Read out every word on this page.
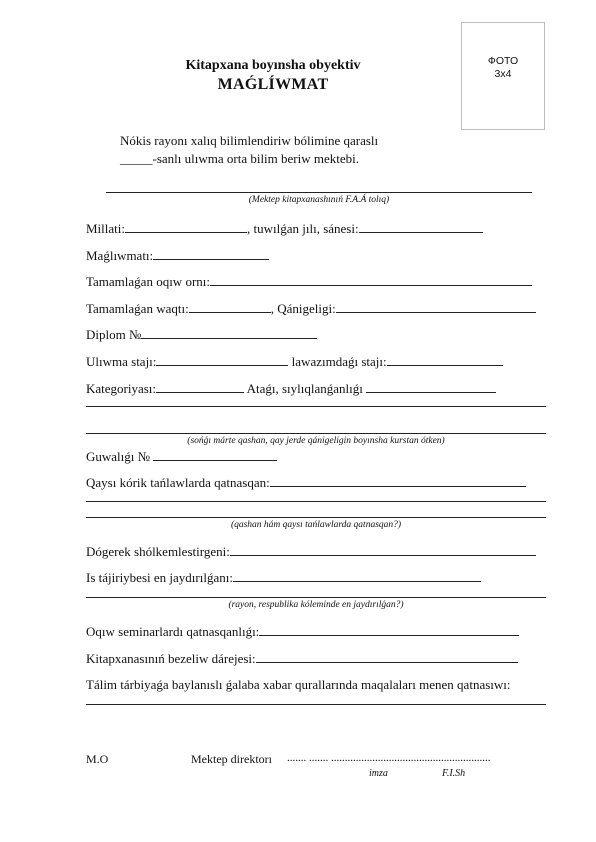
ФОТО
3x4
Kitapxana boyınsha obyektiv
MAǴLÍWMAT
Nókis rayonı xalıq bilimlendiriw bólimine qaraslı
_____-sanlı ulıwma orta bilim beriw mektebi.
(Mektep kitapxanashınıń F.A.Á tolıq)
Millati:	, tuwılǵan jılı, sánesi:
Maǵlıwmatı:
Tamamlaǵan oqıw ornı:
Tamamlaǵan waqtı:	, Qánigeligi:
Diplom №
Ulıwma stajı:	lawazımdaǵı stajı:
Kategoriyası:	Ataǵı, sıylıqlanǵanlıǵı
(sońǵı márte qashan, qay jerde qánigeligin boyınsha kurstan ótken)
Guwalıǵı №
Qaysı kórik tańlawlarda qatnasqan:
(qashan hám qaysı tańlawlarda qatnasqan?)
Dógerek shólkemlestirgeni:
Is tájiriybesi en jaydırılǵanı:
(rayon, respublika kóleminde en jaydırılǵan?)
Oqıw seminarlardı qatnasqanlıǵı:
Kitapxanasınıń bezeliw dárejesi:
Tálim tárbiyaǵa baylanıslı ǵalaba xabar qurallarında maqalaları menen qatnasıwı:
M.O	Mektep direktorı ....... ....... ..........................................................
imza	F.I.Sh
